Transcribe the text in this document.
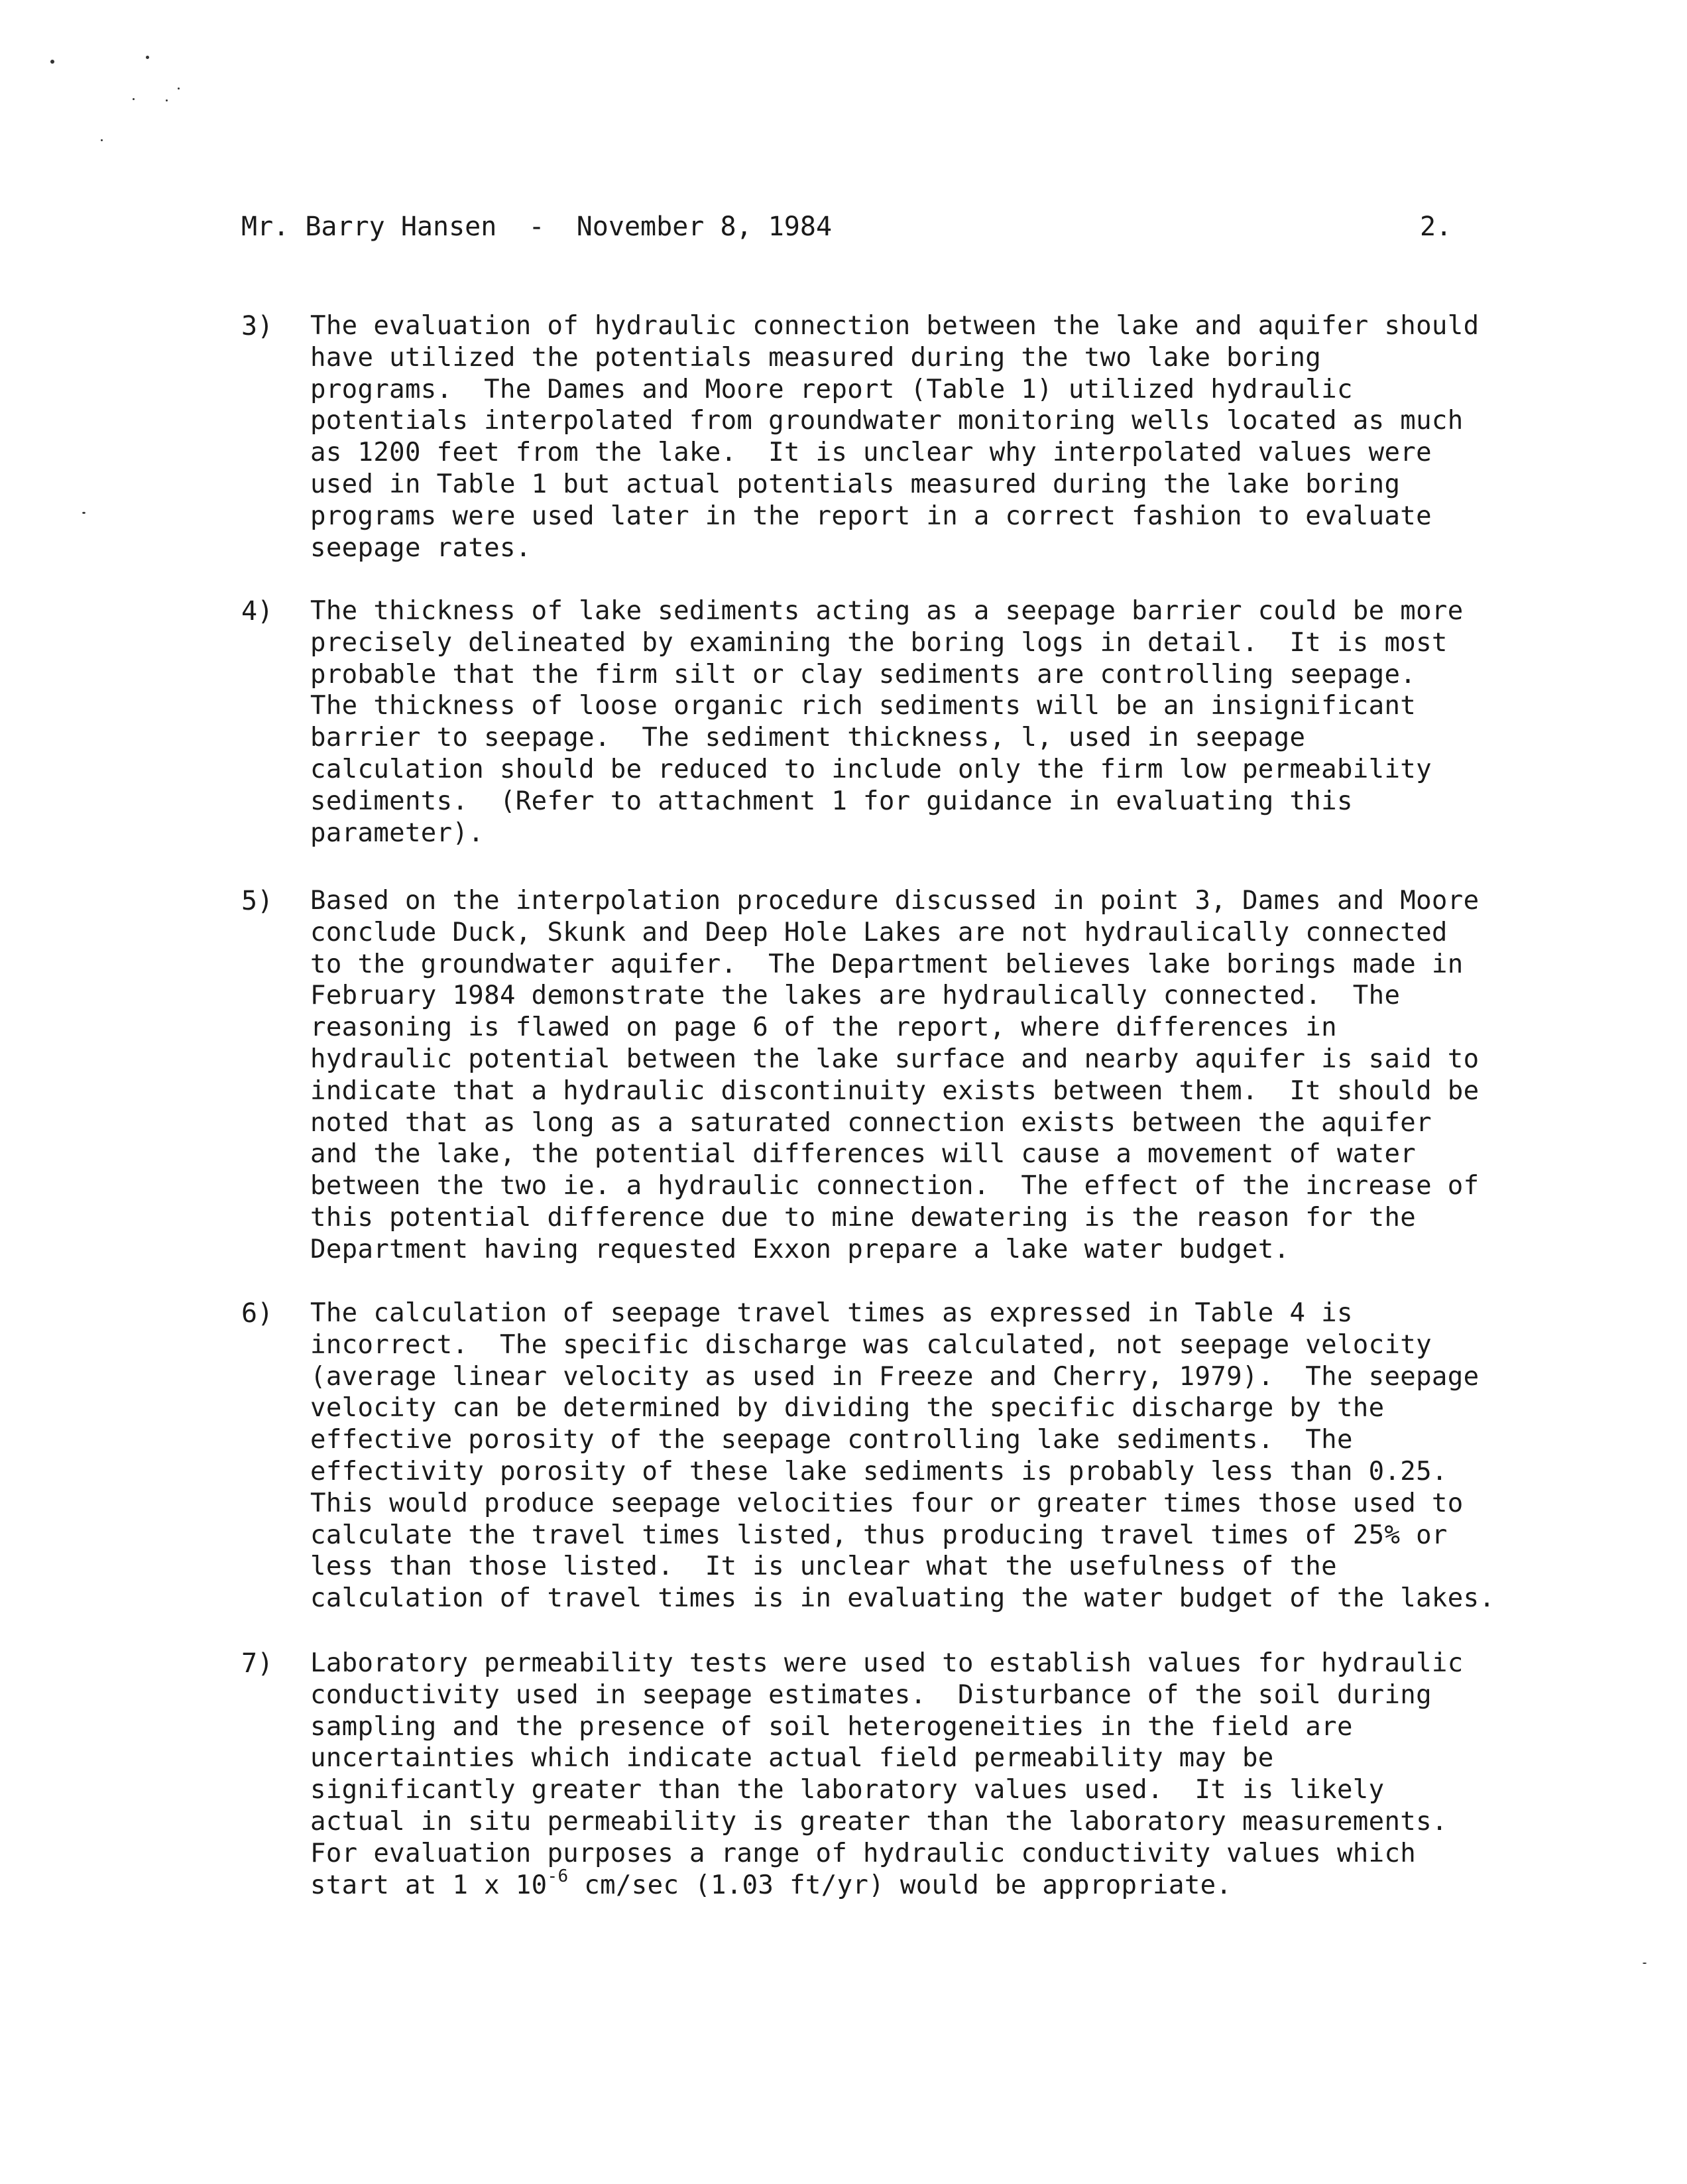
Mr. Barry Hansen  -  November 8, 1984	2.
3) The evaluation of hydraulic connection between the lake and aquifer should
have utilized the potentials measured during the two lake boring
programs.  The Dames and Moore report (Table 1) utilized hydraulic
potentials interpolated from groundwater monitoring wells located as much
as 1200 feet from the lake.  It is unclear why interpolated values were
used in Table 1 but actual potentials measured during the lake boring
programs were used later in the report in a correct fashion to evaluate
seepage rates.
4) The thickness of lake sediments acting as a seepage barrier could be more
precisely delineated by examining the boring logs in detail.  It is most
probable that the firm silt or clay sediments are controlling seepage.
The thickness of loose organic rich sediments will be an insignificant
barrier to seepage.  The sediment thickness, l, used in seepage
calculation should be reduced to include only the firm low permeability
sediments.  (Refer to attachment 1 for guidance in evaluating this
parameter).
5) Based on the interpolation procedure discussed in point 3, Dames and Moore
conclude Duck, Skunk and Deep Hole Lakes are not hydraulically connected
to the groundwater aquifer.  The Department believes lake borings made in
February 1984 demonstrate the lakes are hydraulically connected.  The
reasoning is flawed on page 6 of the report, where differences in
hydraulic potential between the lake surface and nearby aquifer is said to
indicate that a hydraulic discontinuity exists between them.  It should be
noted that as long as a saturated connection exists between the aquifer
and the lake, the potential differences will cause a movement of water
between the two ie. a hydraulic connection.  The effect of the increase of
this potential difference due to mine dewatering is the reason for the
Department having requested Exxon prepare a lake water budget.
6) The calculation of seepage travel times as expressed in Table 4 is
incorrect.  The specific discharge was calculated, not seepage velocity
(average linear velocity as used in Freeze and Cherry, 1979).  The seepage
velocity can be determined by dividing the specific discharge by the
effective porosity of the seepage controlling lake sediments.  The
effectivity porosity of these lake sediments is probably less than 0.25.
This would produce seepage velocities four or greater times those used to
calculate the travel times listed, thus producing travel times of 25% or
less than those listed.  It is unclear what the usefulness of the
calculation of travel times is in evaluating the water budget of the lakes.
7) Laboratory permeability tests were used to establish values for hydraulic
conductivity used in seepage estimates.  Disturbance of the soil during
sampling and the presence of soil heterogeneities in the field are
uncertainties which indicate actual field permeability may be
significantly greater than the laboratory values used.  It is likely
actual in situ permeability is greater than the laboratory measurements.
For evaluation purposes a range of hydraulic conductivity values which
start at 1 x $10^{-6}$ cm/sec (1.03 ft/yr) would be appropriate.
